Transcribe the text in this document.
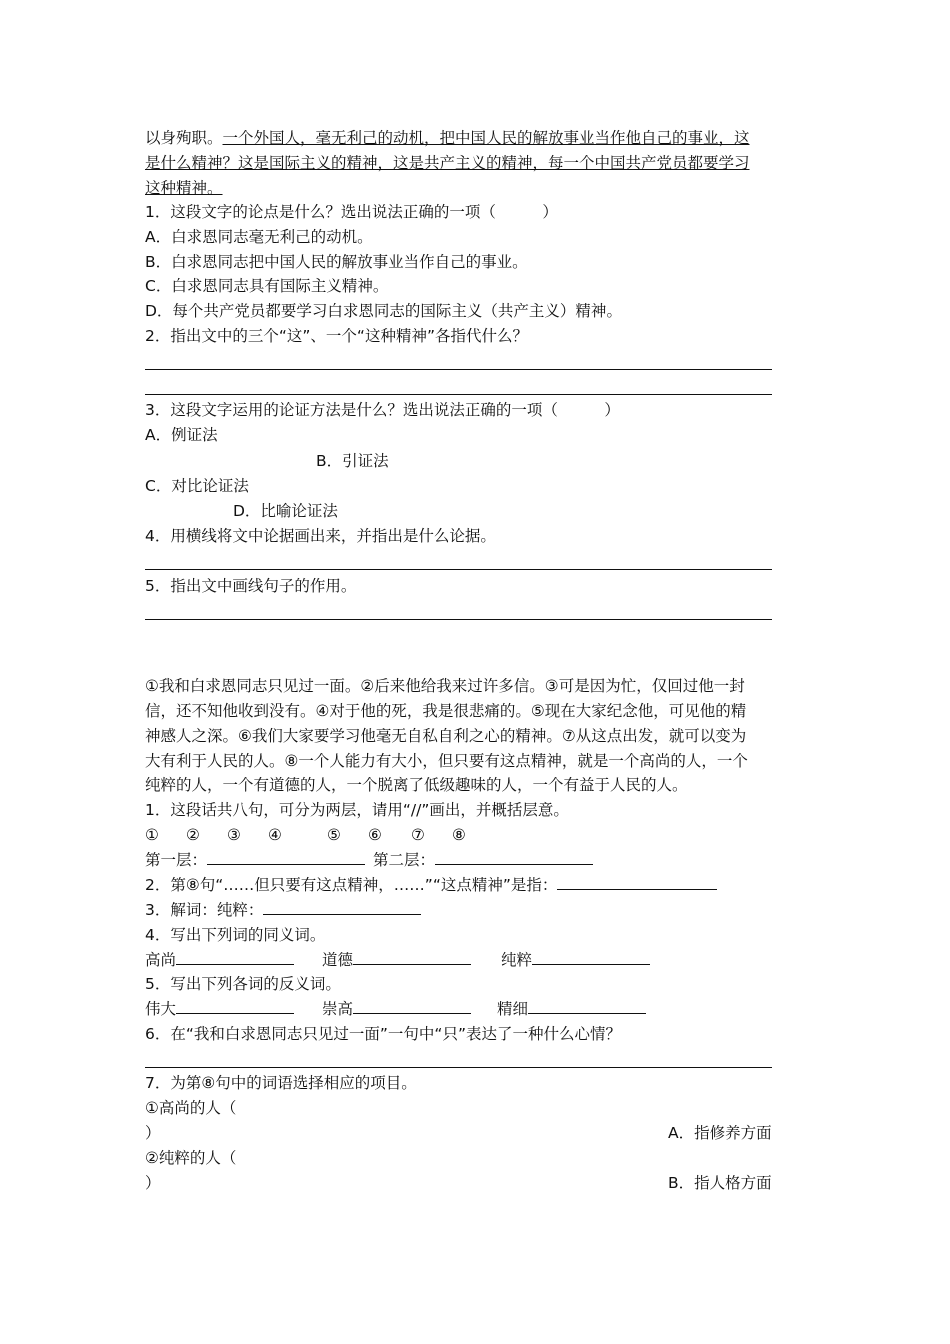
以身殉职。一个外国人，毫无利己的动机，把中国人民的解放事业当作他自己的事业，这
是什么精神？这是国际主义的精神，这是共产主义的精神，每一个中国共产党员都要学习
这种精神。
1．这段文字的论点是什么？选出说法正确的一项（　　　）
A．白求恩同志毫无利己的动机。
B．白求恩同志把中国人民的解放事业当作自己的事业。
C．白求恩同志具有国际主义精神。
D．每个共产党员都要学习白求恩同志的国际主义（共产主义）精神。
2．指出文中的三个“这”、一个“这种精神”各指代什么？
3．这段文字运用的论证方法是什么？选出说法正确的一项（　　　）
A．例证法
B．引证法
C．对比论证法
D．比喻论证法
4．用横线将文中论据画出来，并指出是什么论据。
5．指出文中画线句子的作用。
①我和白求恩同志只见过一面。②后来他给我来过许多信。③可是因为忙，仅回过他一封
信，还不知他收到没有。④对于他的死，我是很悲痛的。⑤现在大家纪念他，可见他的精
神感人之深。⑥我们大家要学习他毫无自私自利之心的精神。⑦从这点出发，就可以变为
大有利于人民的人。⑧一个人能力有大小，但只要有这点精神，就是一个高尚的人，一个
纯粹的人，一个有道德的人，一个脱离了低级趣味的人，一个有益于人民的人。
1．这段话共八句，可分为两层，请用“//”画出，并概括层意。
① ② ③ ④	⑤ ⑥ ⑦ ⑧
第一层：	第二层：
2．第⑧句“……但只要有这点精神，……”“这点精神”是指：
3．解词：纯粹：
4．写出下列词的同义词。
高尚	道德	纯粹
5．写出下列各词的反义词。
伟大	崇高	精细
6．在“我和白求恩同志只见过一面”一句中“只”表达了一种什么心情？
7．为第⑧句中的词语选择相应的项目。
①高尚的人（
）	A．指修养方面
②纯粹的人（
）	B．指人格方面
